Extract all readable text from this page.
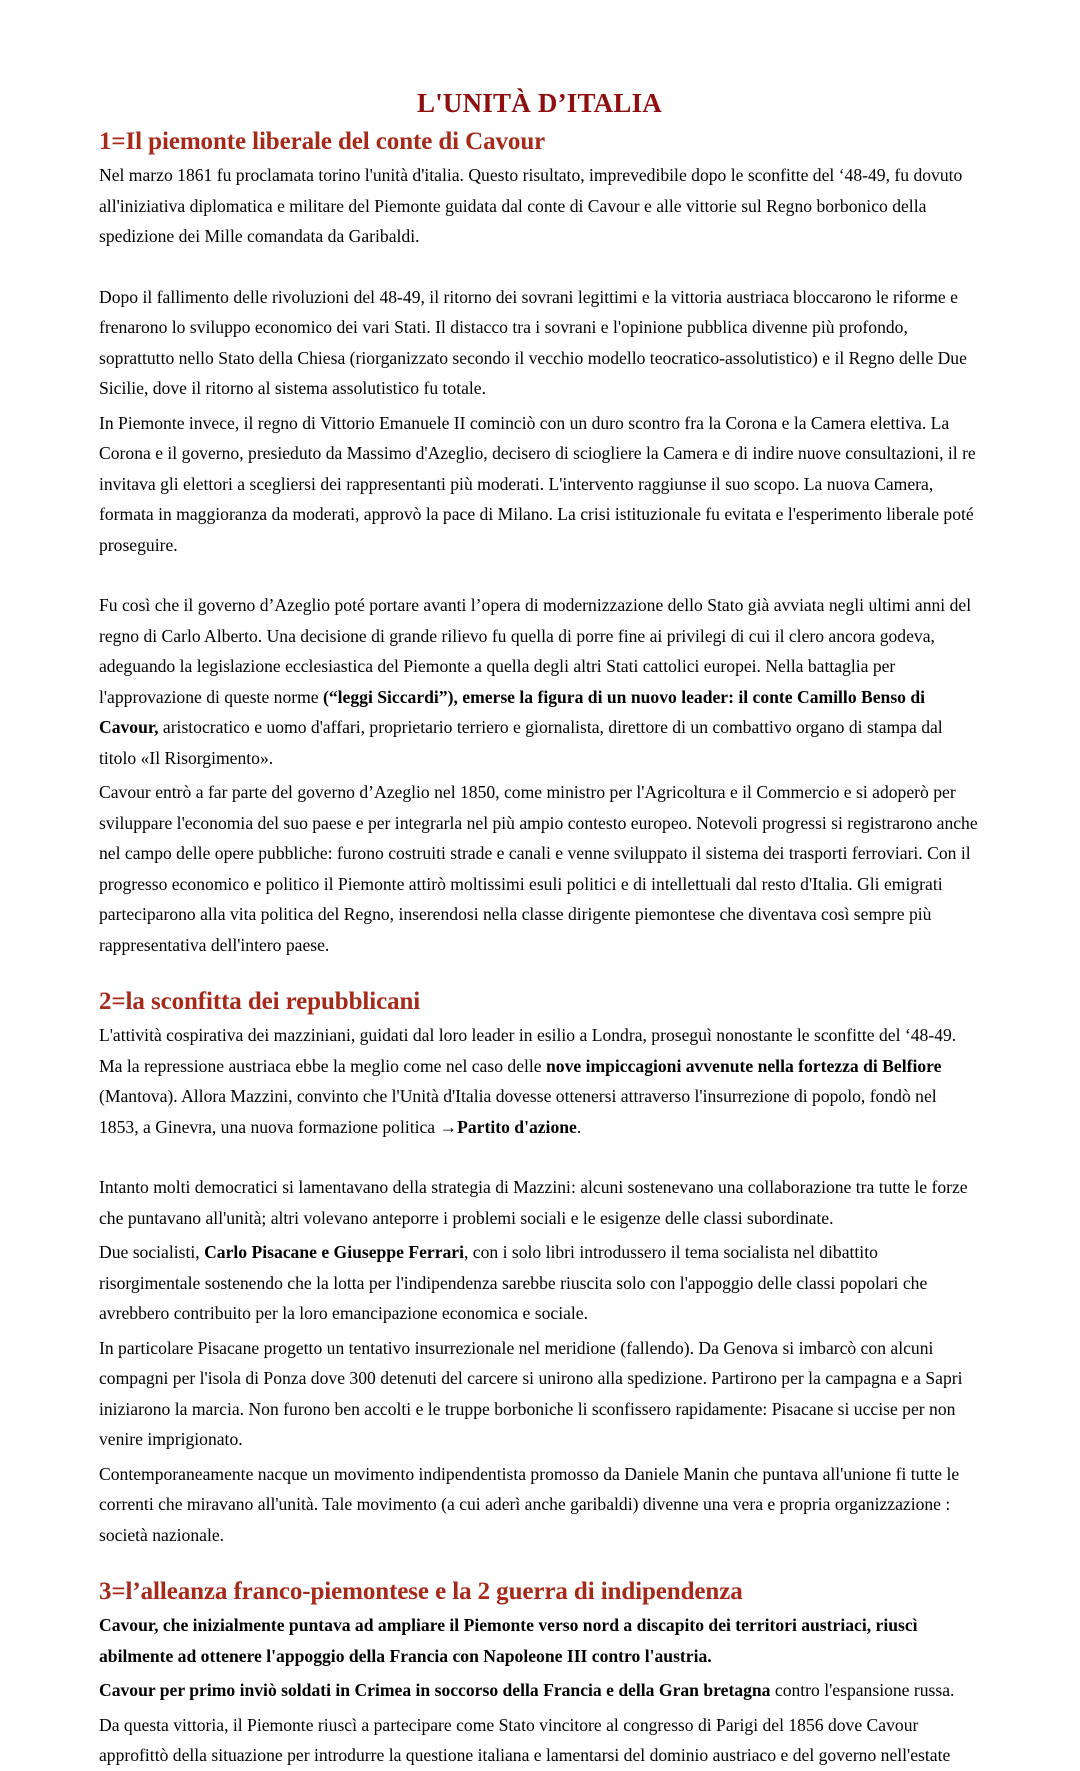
L'UNITÀ D’ITALIA
1=Il piemonte liberale del conte di Cavour

Nel marzo 1861 fu proclamata torino l'unità d'italia. Questo risultato, imprevedibile dopo le sconfitte del ‘48-49, fu dovuto all'iniziativa diplomatica e militare del Piemonte guidata dal conte di Cavour e alle vittorie sul Regno borbonico della spedizione dei Mille comandata da Garibaldi.

Dopo il fallimento delle rivoluzioni del 48-49, il ritorno dei sovrani legittimi e la vittoria austriaca bloccarono le riforme e frenarono lo sviluppo economico dei vari Stati. Il distacco tra i sovrani e l'opinione pubblica divenne più profondo, soprattutto nello Stato della Chiesa (riorganizzato secondo il vecchio modello teocratico-assolutistico) e il Regno delle Due Sicilie, dove il ritorno al sistema assolutistico fu totale.

In Piemonte invece, il regno di Vittorio Emanuele II cominciò con un duro scontro fra la Corona e la Camera elettiva. La Corona e il governo, presieduto da Massimo d'Azeglio, decisero di sciogliere la Camera e di indire nuove consultazioni, il re invitava gli elettori a scegliersi dei rappresentanti più moderati. L'intervento raggiunse il suo scopo. La nuova Camera, formata in maggioranza da moderati, approvò la pace di Milano. La crisi istituzionale fu evitata e l'esperimento liberale poté proseguire.

Fu così che il governo d’Azeglio poté portare avanti l’opera di modernizzazione dello Stato già avviata negli ultimi anni del regno di Carlo Alberto. Una decisione di grande rilievo fu quella di porre fine ai privilegi di cui il clero ancora godeva, adeguando la legislazione ecclesiastica del Piemonte a quella degli altri Stati cattolici europei. Nella battaglia per l'approvazione di queste norme (“leggi Siccardi”), emerse la figura di un nuovo leader: il conte Camillo Benso di Cavour, aristocratico e uomo d'affari, proprietario terriero e giornalista, direttore di un combattivo organo di stampa dal titolo «Il Risorgimento».

Cavour entrò a far parte del governo d’Azeglio nel 1850, come ministro per l'Agricoltura e il Commercio e si adoperò per sviluppare l'economia del suo paese e per integrarla nel più ampio contesto europeo. Notevoli progressi si registrarono anche nel campo delle opere pubbliche: furono costruiti strade e canali e venne sviluppato il sistema dei trasporti ferroviari. Con il progresso economico e politico il Piemonte attirò moltissimi esuli politici e di intellettuali dal resto d'Italia. Gli emigrati parteciparono alla vita politica del Regno, inserendosi nella classe dirigente piemontese che diventava così sempre più rappresentativa dell'intero paese.

2=la sconfitta dei repubblicani

L'attività cospirativa dei mazziniani, guidati dal loro leader in esilio a Londra, proseguì nonostante le sconfitte del ‘48-49. Ma la repressione austriaca ebbe la meglio come nel caso delle nove impiccagioni avvenute nella fortezza di Belfiore (Mantova). Allora Mazzini, convinto che l'Unità d'Italia dovesse ottenersi attraverso l'insurrezione di popolo, fondò nel 1853, a Ginevra, una nuova formazione politica →Partito d'azione.

Intanto molti democratici si lamentavano della strategia di Mazzini: alcuni sostenevano una collaborazione tra tutte le forze che puntavano all'unità; altri volevano anteporre i problemi sociali e le esigenze delle classi subordinate.

Due socialisti, Carlo Pisacane e Giuseppe Ferrari, con i solo libri introdussero il tema socialista nel dibattito risorgimentale sostenendo che la lotta per l'indipendenza sarebbe riuscita solo con l'appoggio delle classi popolari che avrebbero contribuito per la loro emancipazione economica e sociale.

In particolare Pisacane progetto un tentativo insurrezionale nel meridione (fallendo). Da Genova si imbarcò con alcuni compagni per l'isola di Ponza dove 300 detenuti del carcere si unirono alla spedizione. Partirono per la campagna e a Sapri iniziarono la marcia. Non furono ben accolti e le truppe borboniche li sconfissero rapidamente: Pisacane si uccise per non venire imprigionato.

Contemporaneamente nacque un movimento indipendentista promosso da Daniele Manin che puntava all'unione fi tutte le correnti che miravano all'unità. Tale movimento (a cui aderì anche garibaldi) divenne una vera e propria organizzazione : società nazionale.

3=l’alleanza franco-piemontese e la 2 guerra di indipendenza

Cavour, che inizialmente puntava ad ampliare il Piemonte verso nord a discapito dei territori austriaci, riuscì abilmente ad ottenere l'appoggio della Francia con Napoleone III contro l'austria.

Cavour per primo inviò soldati in Crimea in soccorso della Francia e della Gran bretagna contro l'espansione russa.

Da questa vittoria, il Piemonte riuscì a partecipare come Stato vincitore al congresso di Parigi del 1856 dove Cavour approfittò della situazione per introdurre la questione italiana e lamentarsi del dominio austriaco e del governo nell'estate
